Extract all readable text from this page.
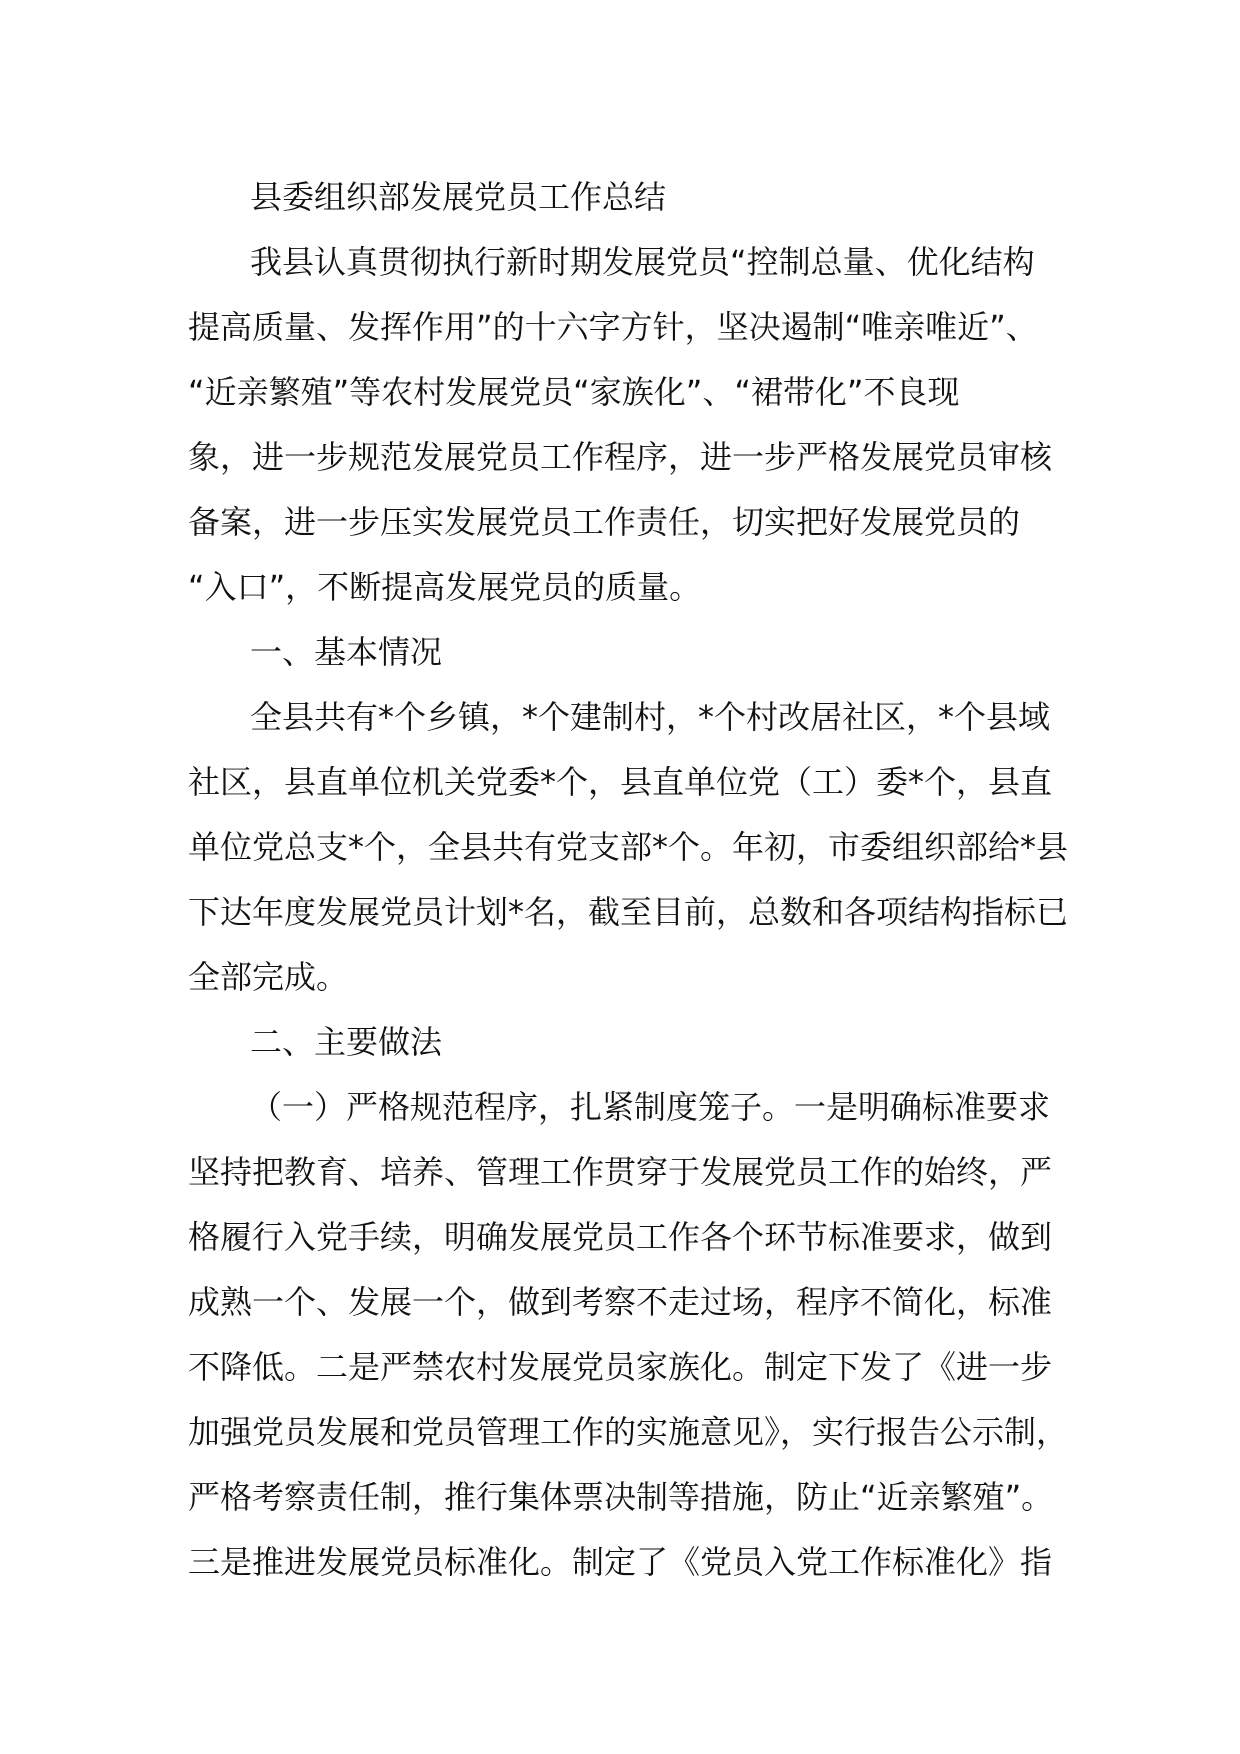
县委组织部发展党员工作总结
我县认真贯彻执行新时期发展党员“控制总量、优化结构
提高质量、发挥作用”的十六字方针，坚决遏制“唯亲唯近”、
“近亲繁殖”等农村发展党员“家族化”、“裙带化”不良现
象，进一步规范发展党员工作程序，进一步严格发展党员审核
备案，进一步压实发展党员工作责任，切实把好发展党员的
“入口”，不断提高发展党员的质量。
一、基本情况
全县共有*个乡镇，*个建制村，*个村改居社区，*个县域
社区，县直单位机关党委*个，县直单位党（工）委*个，县直
单位党总支*个，全县共有党支部*个。年初，市委组织部给*县
下达年度发展党员计划*名，截至目前，总数和各项结构指标已
全部完成。
二、主要做法
（一）严格规范程序，扎紧制度笼子。一是明确标准要求
坚持把教育、培养、管理工作贯穿于发展党员工作的始终，严
格履行入党手续，明确发展党员工作各个环节标准要求，做到
成熟一个、发展一个，做到考察不走过场，程序不简化，标准
不降低。二是严禁农村发展党员家族化。制定下发了《进一步
加强党员发展和党员管理工作的实施意见》，实行报告公示制，
严格考察责任制，推行集体票决制等措施，防止“近亲繁殖”。
三是推进发展党员标准化。制定了《党员入党工作标准化》指
